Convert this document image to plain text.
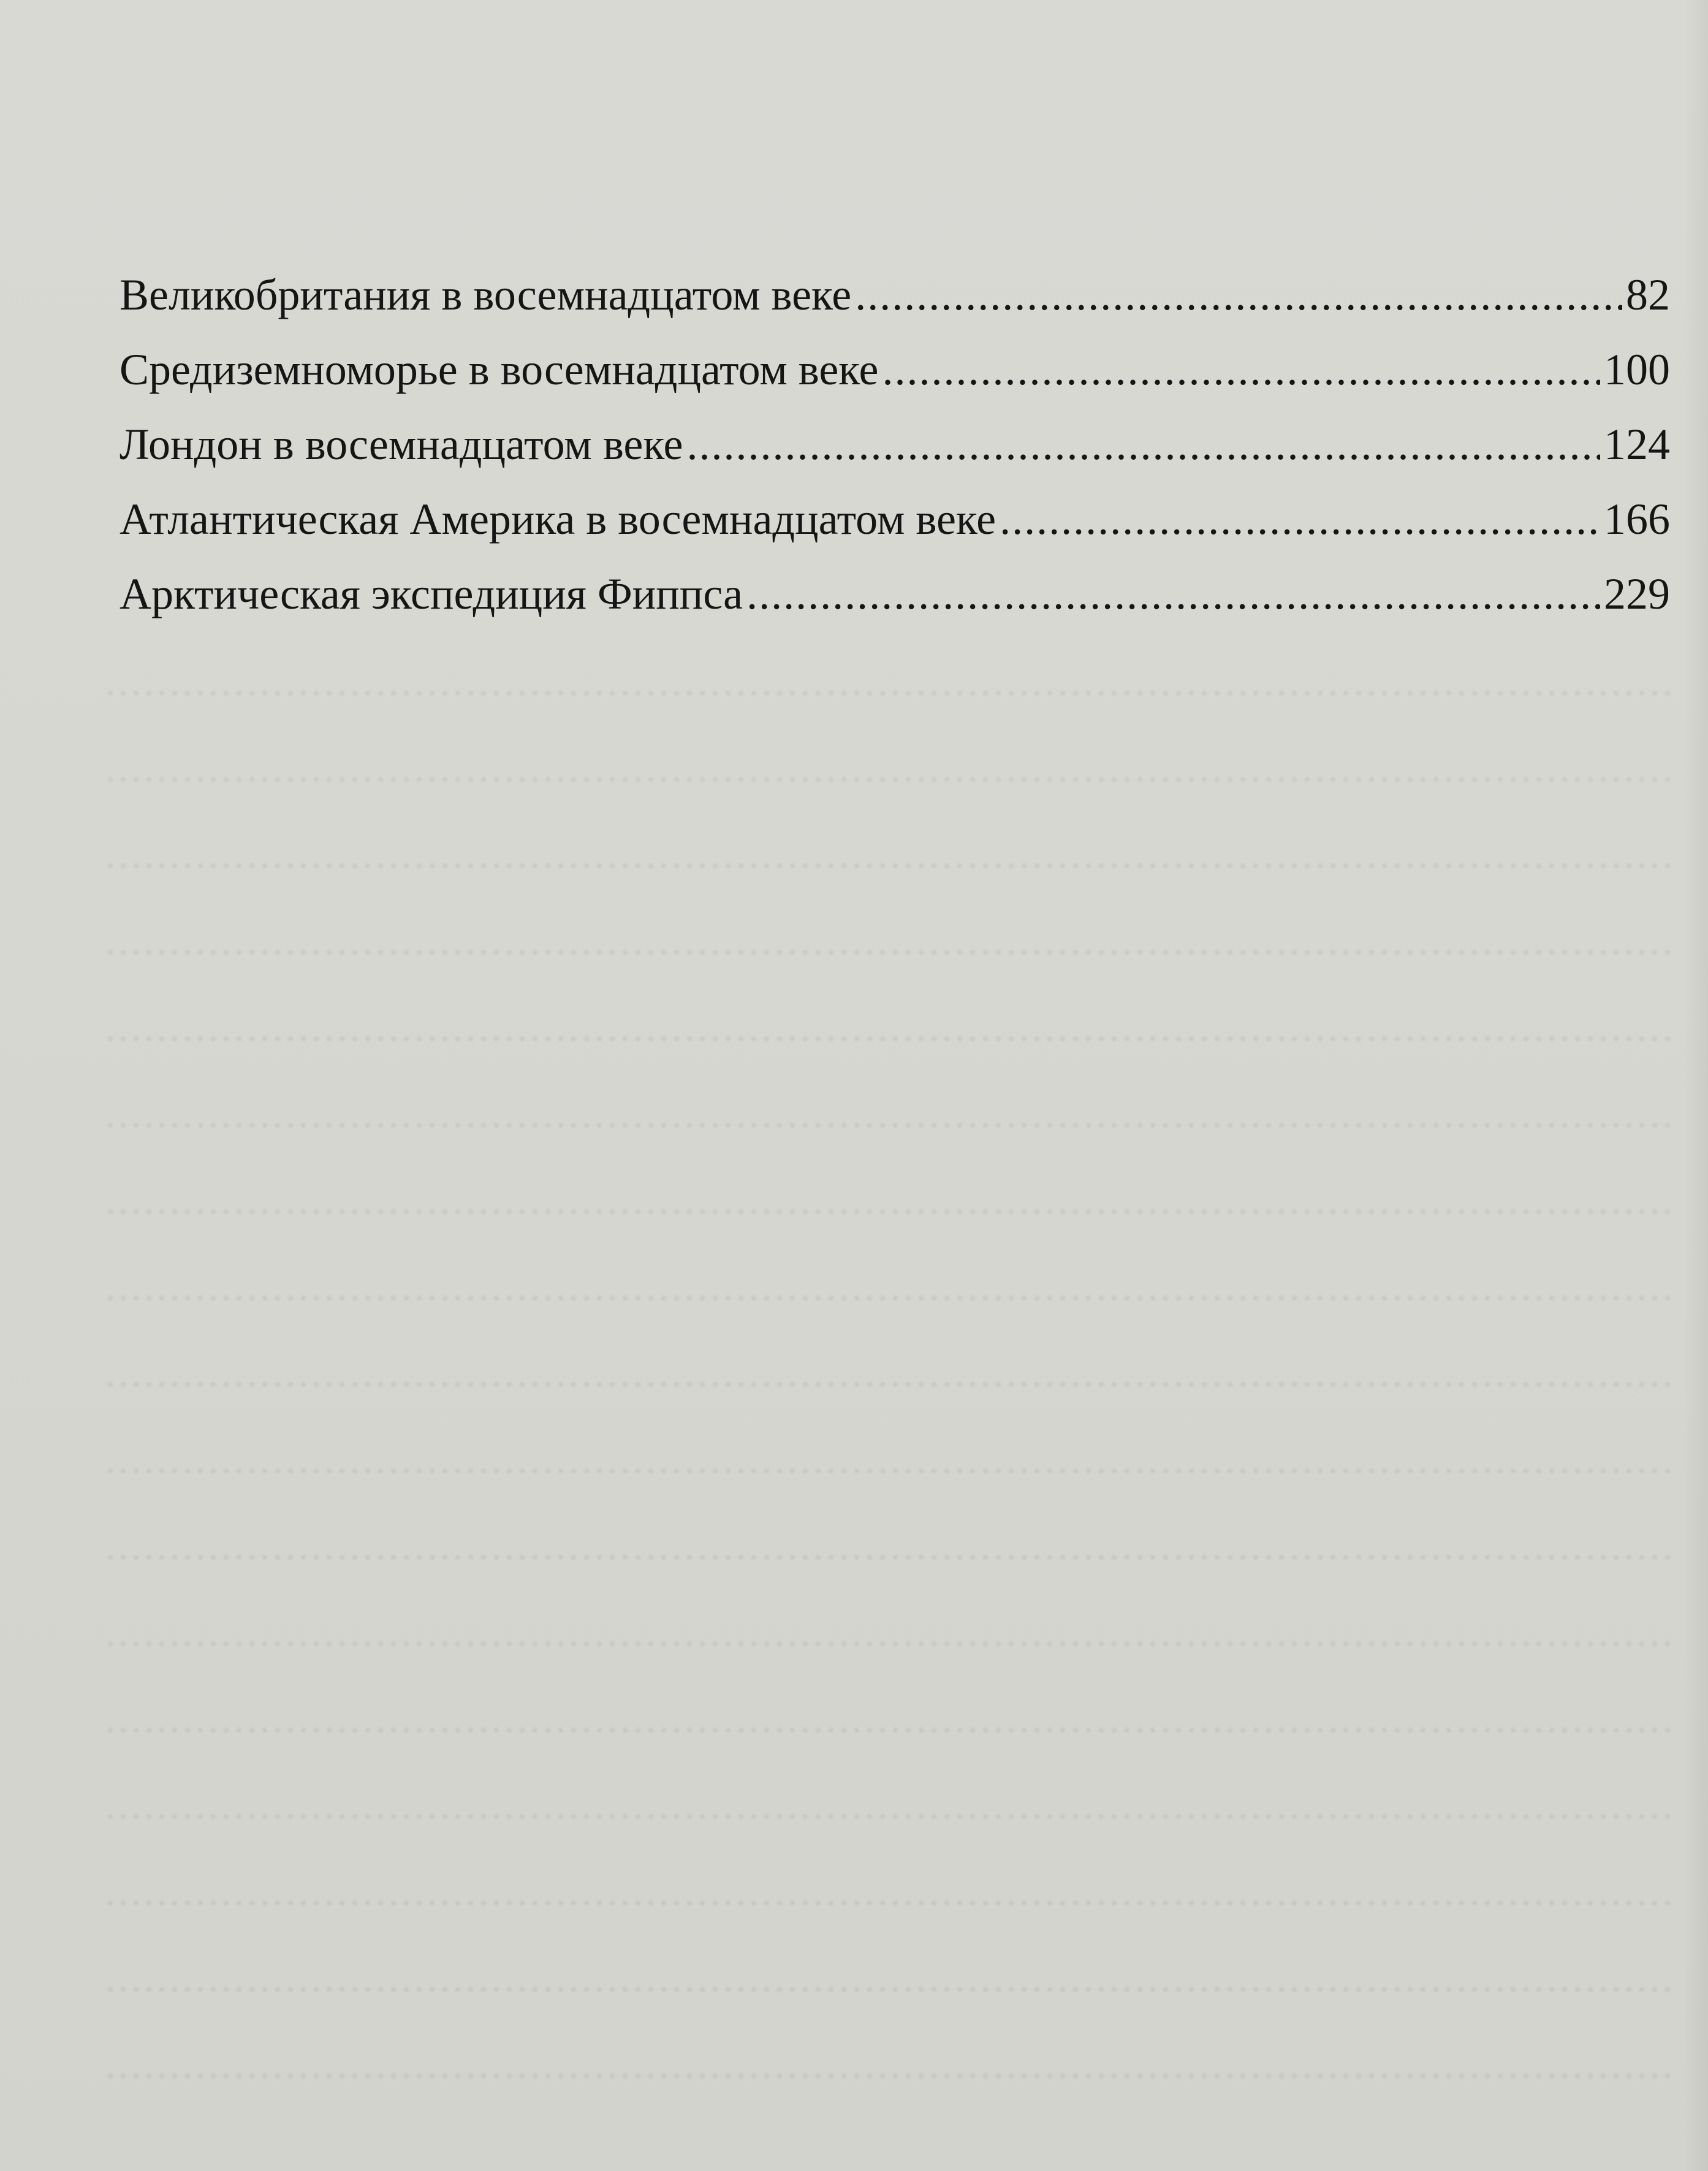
.....
.....
.....
.....
.....
.....
.....
.....
.....
.....
.....
.....
.....
.....
.....
.....
.....
Великобритания в восемнадцатом веке .....	82
Средиземноморье в восемнадцатом веке .....	100
Лондон в восемнадцатом веке .....	124
Атлантическая Америка в восемнадцатом веке .....	166
Арктическая экспедиция Фиппса .....	229
